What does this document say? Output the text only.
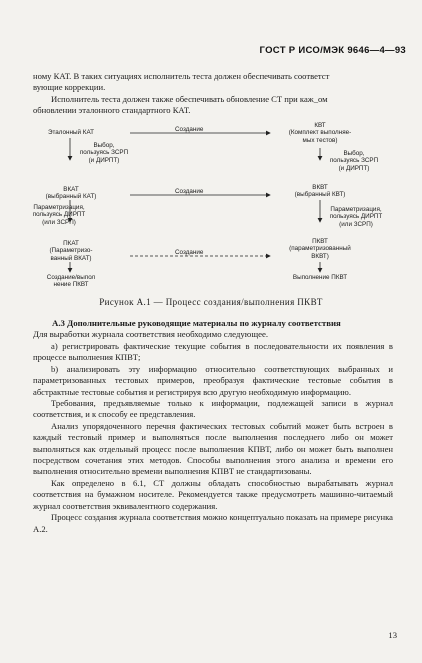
ГОСТ Р ИСО/МЭК 9646—4—93

ному КАТ. В таких ситуациях исполнитель теста должен обеспечивать соответст

вующие коррекции.

Исполнитель теста должен также обеспечивать обновление СТ при каж_ом

обновлении эталонного стандартного КАТ.

Эталонный КАТ
Выбор,
пользуясь ЗСРП
(и ДИРПТ)
ВКАТ
(выбранный КАТ)
Параметризация,
пользуясь ДИРПТ
(или ЗСРП)
ПКАТ
(Параметризо-
ванный ВКАТ)
Создание/выпол
нение ПКВТ
Создание
Создание
Создание
КВТ
(Комплект выполняе-
мых тестов)
Выбор,
пользуясь ЗСРП
(и ДИРПТ)
ВКВТ
(выбранный КВТ)
Параметризация,
пользуясь ДИРПТ
(или ЗСРП)
ПКВТ
(параметризованный
ВКВТ)
Выполнение ПКВТ
Рисунок А.1 — Процесс создания/выполнения ПКВТ
А.3 Дополнительные руководящие материалы по журналу соответствия
Для выработки журнала соответствия необходимо следующее.

а) регистрировать фактические текущие события в последовательности их появления в процессе выполнения КПВТ;

b) анализировать эту информацию относительно соответствующих выбранных и параметризованных тестовых примеров, преобразуя фактические тестовые события в абстрактные тестовые события и регистрируя всю другую необходимую информацию.

Требования, предъявляемые только к информации, подлежащей записи в журнал соответствия, и к способу ее представления.

Анализ упорядоченного перечня фактических тестовых событий может быть встроен в каждый тестовый пример и выполняться после выполнения последнего либо он может выполняться как отдельный процесс после выполнения КПВТ, либо он может быть выполнен посредством сочетания этих методов. Способы выполнения этого анализа и времени его выполнения относительно времени выполнения КПВТ не стандартизованы.

Как определено в 6.1, СТ должны обладать способностью вырабатывать журнал соответствия на бумажном носителе. Рекомендуется также предусмотреть машинно-читаемый журнал соответствия эквивалентного содержания.

Процесс создания журнала соответствия можно концептуально показать на примере рисунка А.2.

13
